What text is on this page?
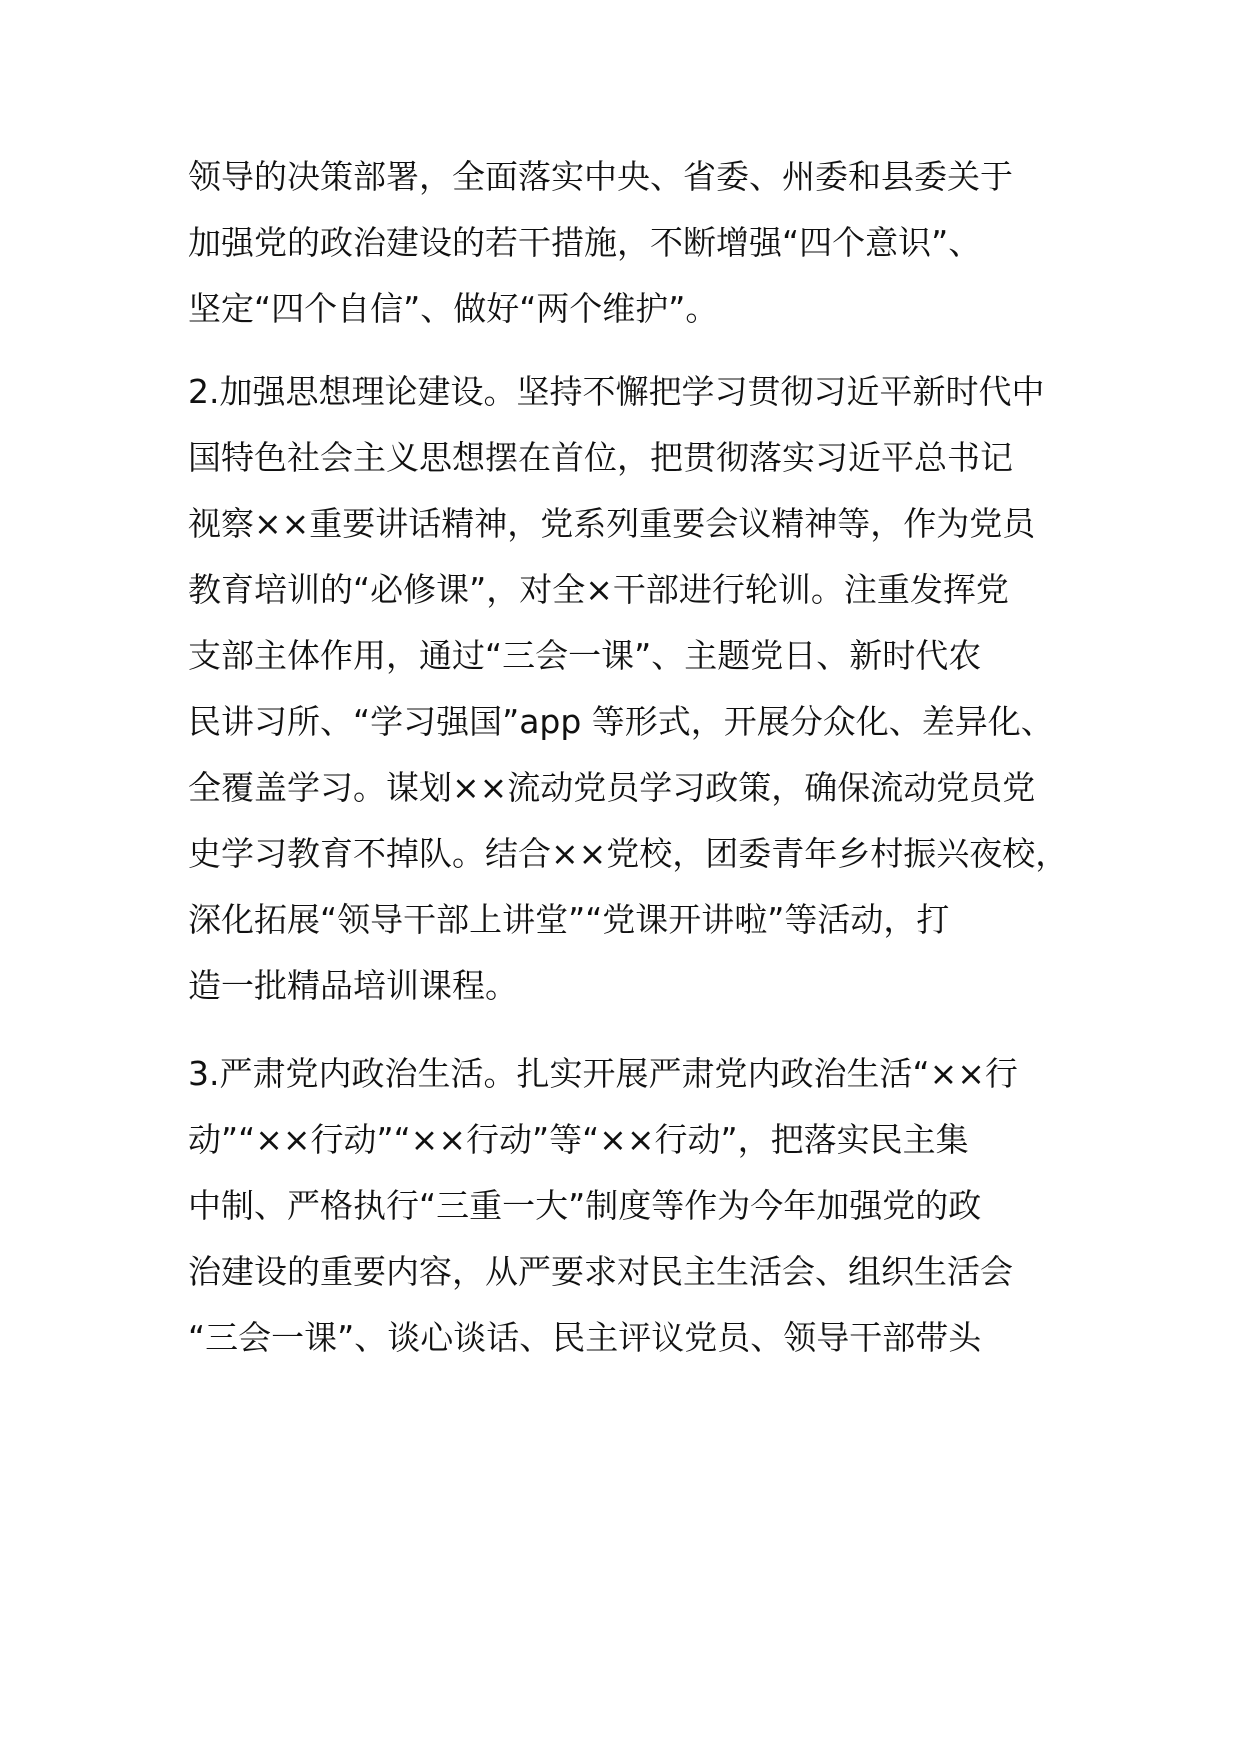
领导的决策部署，全面落实中央、省委、州委和县委关于
加强党的政治建设的若干措施，不断增强“四个意识”、
坚定“四个自信”、做好“两个维护”。
2.加强思想理论建设。坚持不懈把学习贯彻习近平新时代中
国特色社会主义思想摆在首位，把贯彻落实习近平总书记
视察××重要讲话精神，党系列重要会议精神等，作为党员
教育培训的“必修课”，对全×干部进行轮训。注重发挥党
支部主体作用，通过“三会一课”、主题党日、新时代农
民讲习所、“学习强国”app 等形式，开展分众化、差异化、
全覆盖学习。谋划××流动党员学习政策，确保流动党员党
史学习教育不掉队。结合××党校，团委青年乡村振兴夜校，
深化拓展“领导干部上讲堂”“党课开讲啦”等活动，打
造一批精品培训课程。
3.严肃党内政治生活。扎实开展严肃党内政治生活“××行
动”“××行动”“××行动”等“××行动”，把落实民主集
中制、严格执行“三重一大”制度等作为今年加强党的政
治建设的重要内容，从严要求对民主生活会、组织生活会
“三会一课”、谈心谈话、民主评议党员、领导干部带头
